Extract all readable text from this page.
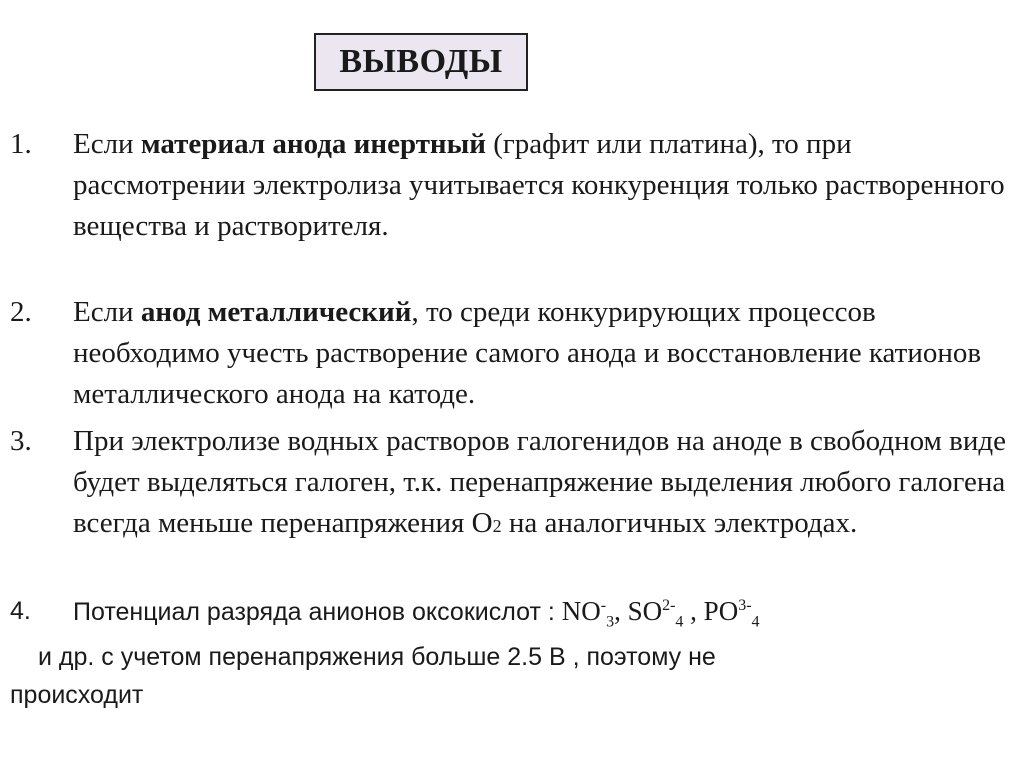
ВЫВОДЫ
1. Если материал анода инертный (графит или платина), то при рассмотрении электролиза учитывается конкуренция только растворенного вещества и растворителя.
2. Если анод металлический, то среди конкурирующих процессов необходимо учесть растворение самого анода и восстановление катионов металлического анода на катоде.
3. При электролизе водных растворов галогенидов на аноде в свободном виде будет выделяться галоген, т.к. перенапряжение выделения любого галогена всегда меньше перенапряжения О2 на аналогичных электродах.
4. Потенциал разряда анионов оксокислот : $NO^-_3$, $SO^{2-}_4$ , $PO^{3-}_4$
и др. с учетом перенапряжения больше 2.5 В , поэтому не
происходит
